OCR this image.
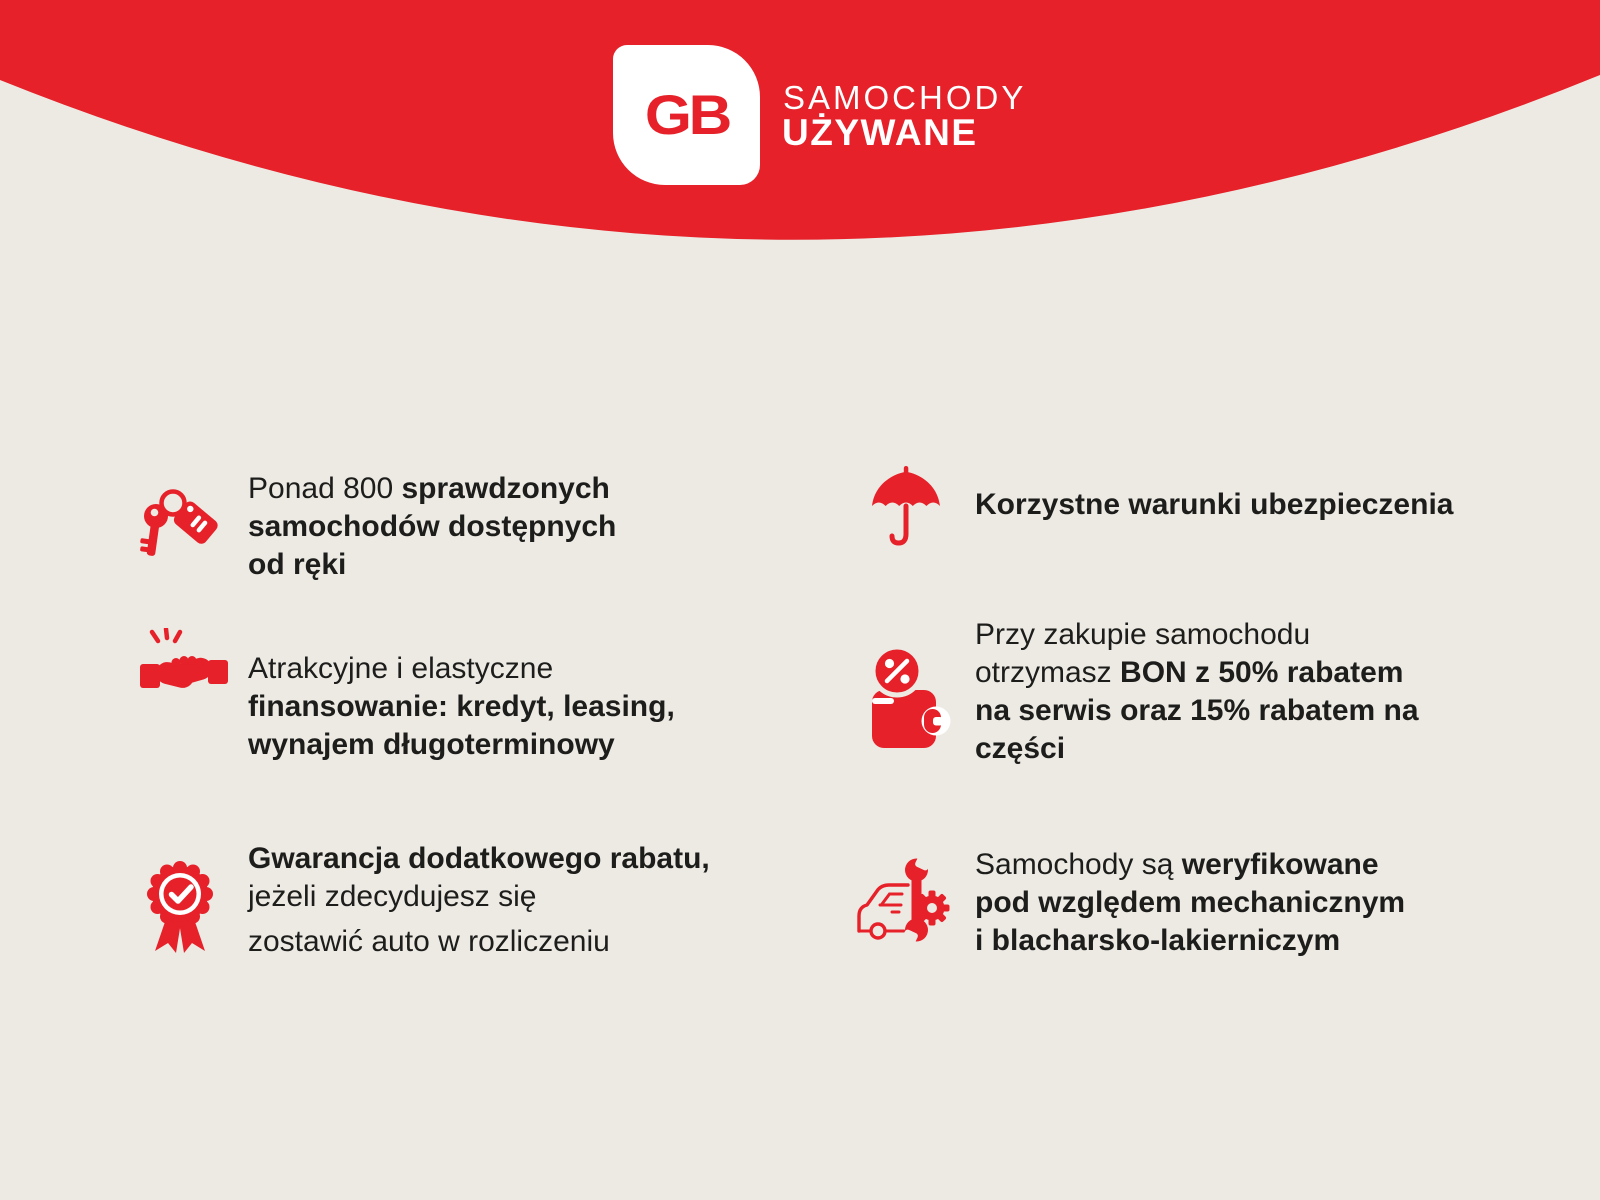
GB SAMOCHODY
UŻYWANE
Ponad 800 sprawdzonych
samochodów dostępnych
od ręki
Atrakcyjne i elastyczne
finansowanie: kredyt, leasing,
wynajem długoterminowy
Gwarancja dodatkowego rabatu,
jeżeli zdecydujesz się
zostawić auto w rozliczeniu
Korzystne warunki ubezpieczenia
Przy zakupie samochodu
otrzymasz BON z 50% rabatem
na serwis oraz 15% rabatem na
części
Samochody są weryfikowane
pod względem mechanicznym
i blacharsko-lakierniczym
